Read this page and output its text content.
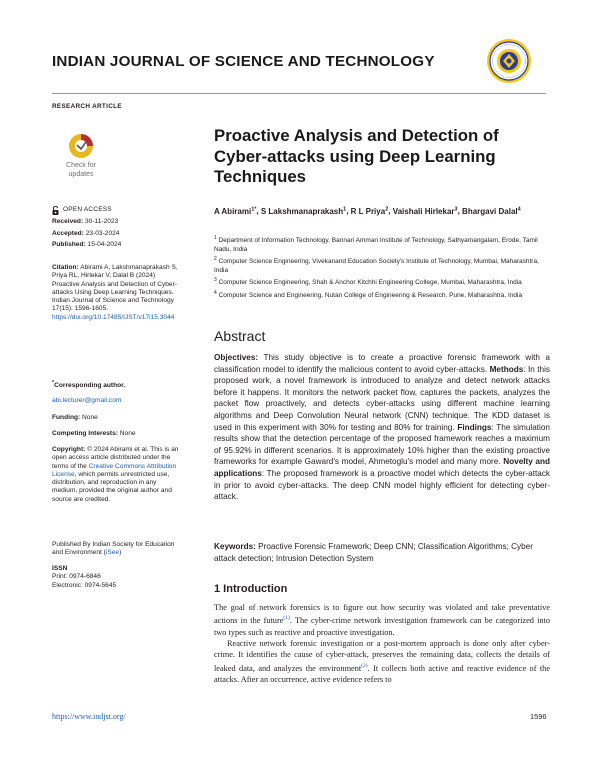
INDIAN JOURNAL OF SCIENCE AND TECHNOLOGY
RESEARCH ARTICLE
Check for
updates
OPEN ACCESS
Received: 30-11-2023
Accepted: 23-03-2024
Published: 15-04-2024
Citation: Abirami A, Lakshmanaprakash S, Priya RL, Hirlekar V, Dalal B (2024) Proactive Analysis and Detection of Cyber-attacks Using Deep Learning Techniques. Indian Journal of Science and Technology 17(15): 1596-1605. https://doi.org/10.17485/IJST/v17i15.3044
*Corresponding author.
abi.lecturer@gmail.com
Funding: None
Competing Interests: None
Copyright: © 2024 Abirami et al. This is an open access article distributed under the terms of the Creative Commons Attribution License, which permits unrestricted use, distribution, and reproduction in any medium, provided the original author and source are credited.
Published By Indian Society for Education and Environment (iSee)
ISSN
Print: 0974-6846
Electronic: 0974-5645
Proactive Analysis and Detection of Cyber-attacks using Deep Learning Techniques
A Abirami$^{1*}$, S Lakshmanaprakash$^1$, R L Priya$^2$, Vaishali Hirlekar$^3$, Bhargavi Dalal$^4$
$^1$ Department of Information Technology, Bannari Amman Institute of Technology, Sathyamangalam, Erode, Tamil Nadu, India
$^2$ Computer Science Engineering, Vivekanand Education Society's Institute of Technology, Mumbai, Maharashtra, India
$^3$ Computer Science Engineering, Shah & Anchor Kitchhi Engineering College, Mumbai, Maharashtra, India
$^4$ Computer Science and Engineering, Nutan College of Engineering & Research, Pune, Maharashtra, India
Abstract
Objectives: This study objective is to create a proactive forensic framework with a classification model to identify the malicious content to avoid cyber-attacks. Methods: In this proposed work, a novel framework is introduced to analyze and detect network attacks before it happens. It monitors the network packet flow, captures the packets, analyzes the packet flow proactively, and detects cyber-attacks using different machine learning algorithms and Deep Convolution Neural network (CNN) technique. The KDD dataset is used in this experiment with 30% for testing and 80% for training. Findings: The simulation results show that the detection percentage of the proposed framework reaches a maximum of 95.92% in different scenarios. It is approximately 10% higher than the existing proactive frameworks for example Gaward's model, Ahmetoglu's model and many more. Novelty and applications: The proposed framework is a proactive model which detects the cyber-attack in prior to avoid cyber-attacks. The deep CNN model highly efficient for detecting cyber-attack.
Keywords: Proactive Forensic Framework; Deep CNN; Classification Algorithms; Cyber attack detection; Intrusion Detection System
1 Introduction

The goal of network forensics is to figure out how security was violated and take preventative actions in the future$^{(1)}$. The cyber-crime network investigation framework can be categorized into two types such as reactive and proactive investigation.

Reactive network forensic investigation or a post-mortem approach is done only after cyber-crime. It identifies the cause of cyber-attack, preserves the remaining data, collects the details of leaked data, and analyzes the environment$^{(2)}$. It collects both active and reactive evidence of the attacks. After an occurrence, active evidence refers to

https://www.indjst.org/	1596
